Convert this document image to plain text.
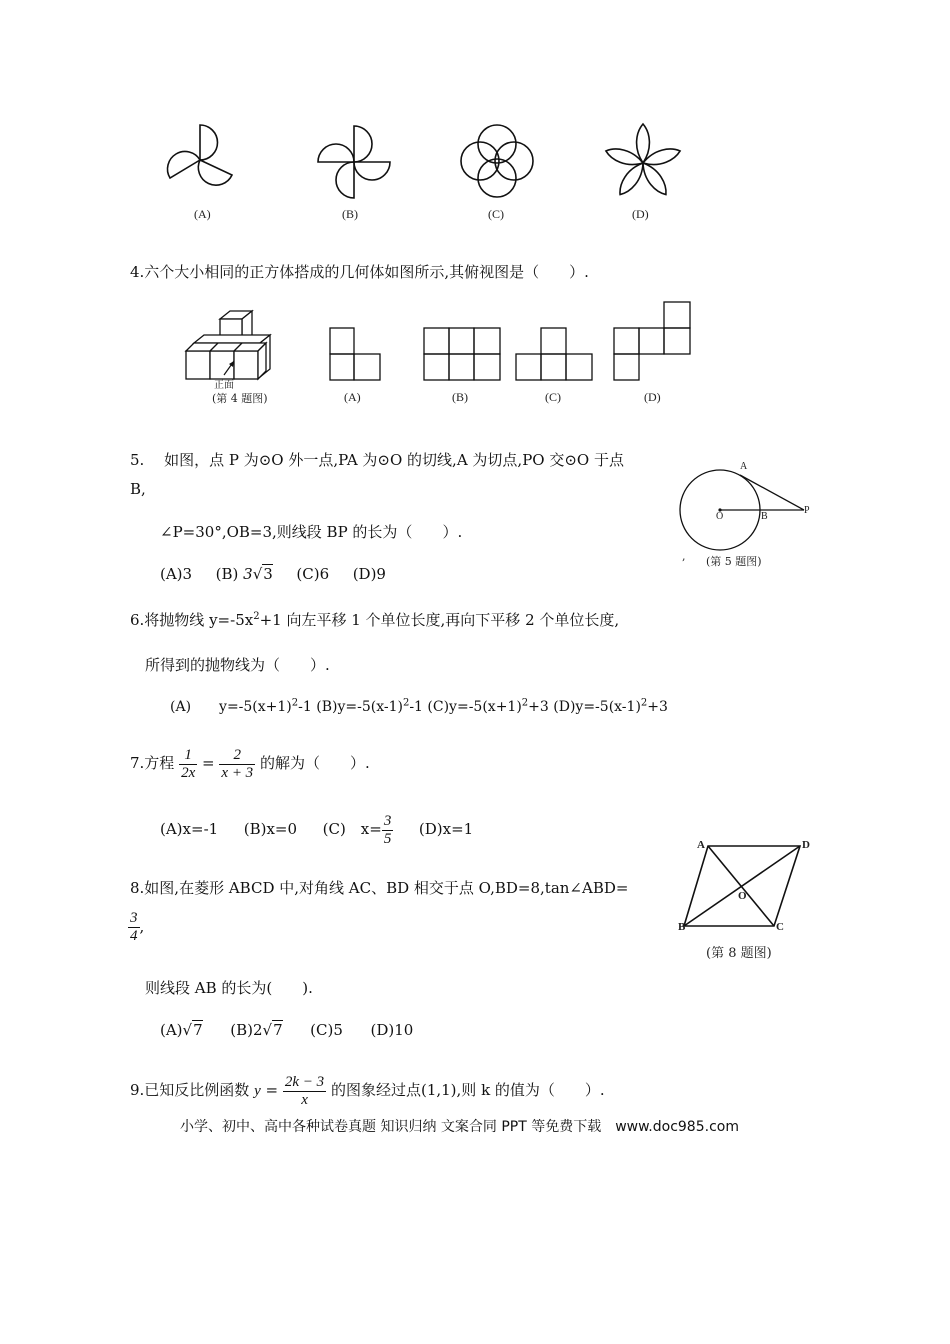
(A)	(B)	(C)	(D)
4.六个大小相同的正方体搭成的几何体如图所示,其俯视图是（　　）.
正面
(第 4 题图)	(A)	(B)	(C)	(D)
5.　 如图，点 P 为⊙O 外一点,PA 为⊙O 的切线,A 为切点,PO 交⊙O 于点
B,
∠P=30°,OB=3,则线段 BP 的长为（　　）.
(A)3 (B) 3√3 (C)6 (D)9
A
O	B
P
, (第 5 题图)
6.将抛物线 $y=-5x^2+1$ 向左平移 1 个单位长度,再向下平移 2 个单位长度,
所得到的抛物线为（　　）.
(A)　　$y=-5(x+1)^2-1$ $(B)y=-5(x-1)^2-1$ $(C)y=-5(x+1)^2+3$ $(D)y=-5(x-1)^2+3$
7.方程 $\frac{1}{2x} = \frac{2}{x + 3}$ 的解为（　　）.
(A)x=-1 (B)x=0 (C)　$x= \frac{3}{5} (D)x=1$
8.如图,在菱形 ABCD 中,对角线 AC、BD 相交于点 O,BD=8,tan∠ABD=
$\frac{3}{4}$ ,
则线段 AB 的长为(　　).
(A)√7 (B)2√7 (C)5 (D)10
A	D
O
B	C
(第 8 题图)
9.已知反比例函数 $y = \frac{2k - 3}{x}$ 的图象经过点(1,1),则 k 的值为（　　）.
小学、初中、高中各种试卷真题 知识归纳 文案合同 PPT 等免费下载　www.doc985.com
